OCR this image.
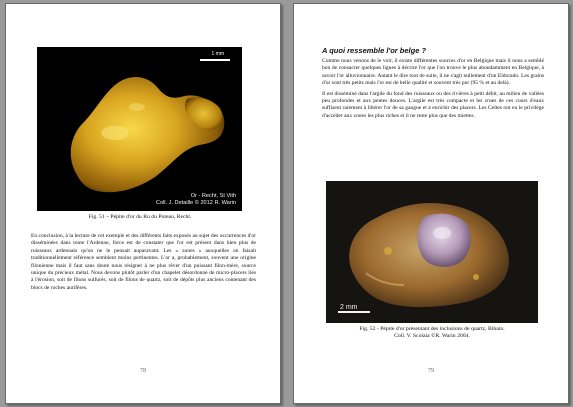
1 mm
Or - Recht, St Vith
Coll. J. Detaille © 2012 R. Warin
Fig. 51 – Pépite d'or du Ru du Poteau, Recht.

En conclusion, à la lecture de cet exemple et des différents faits exposés au sujet des occurrences d'or disséminées dans toute l'Ardenne, force est de constater que l'or est présent dans bien plus de ruisseaux ardennais qu'on ne le pensait auparavant. Les « zones » auxquelles on faisait traditionnellement référence semblent moins pertinentes. L'or a, probablement, souvent une origine filonienne mais il faut sans doute nous résigner à ne plus rêver d'un puissant filon-mère, source unique du précieux métal. Nous devons plutôt parler d'un chapelet désordonné de micro-placers liés à l'érosion, soit de filons sulfurés, soit de filons de quartz, soit de dépôts plus anciens contenant des blocs de roches aurifères.

78
A quoi ressemble l'or belge ?

Comme nous venons de le voir, il existe différentes sources d'or en Belgique mais il nous a semblé bon de consacrer quelques lignes à décrire l'or que l'on trouve le plus abondamment en Belgique, à savoir l'or alluvionnaire. Autant le dire tout de suite, il ne s'agit nullement d'un Eldorado. Les grains d'or sont très petits mais l'or est de belle qualité et souvent très pur (95 % et au delà).

Il est disséminé dans l'argile du fond des ruisseaux ou des rivières à petit débit, au milieu de vallées peu profondes et aux pentes douces. L'argile est très compacte et les crues de ces cours d'eaux suffisent rarement à libérer l'or de sa gangue et à enrichir des placers. Les Celtes ont eu le privilège d'accéder aux zones les plus riches et il ne reste plus que des miettes.

2 mm
Fig. 52 - Pépite d'or présentant des inclusions de quartz, Bihain.
Coll. V. Scolaia ©R. Warin 2004.
79
